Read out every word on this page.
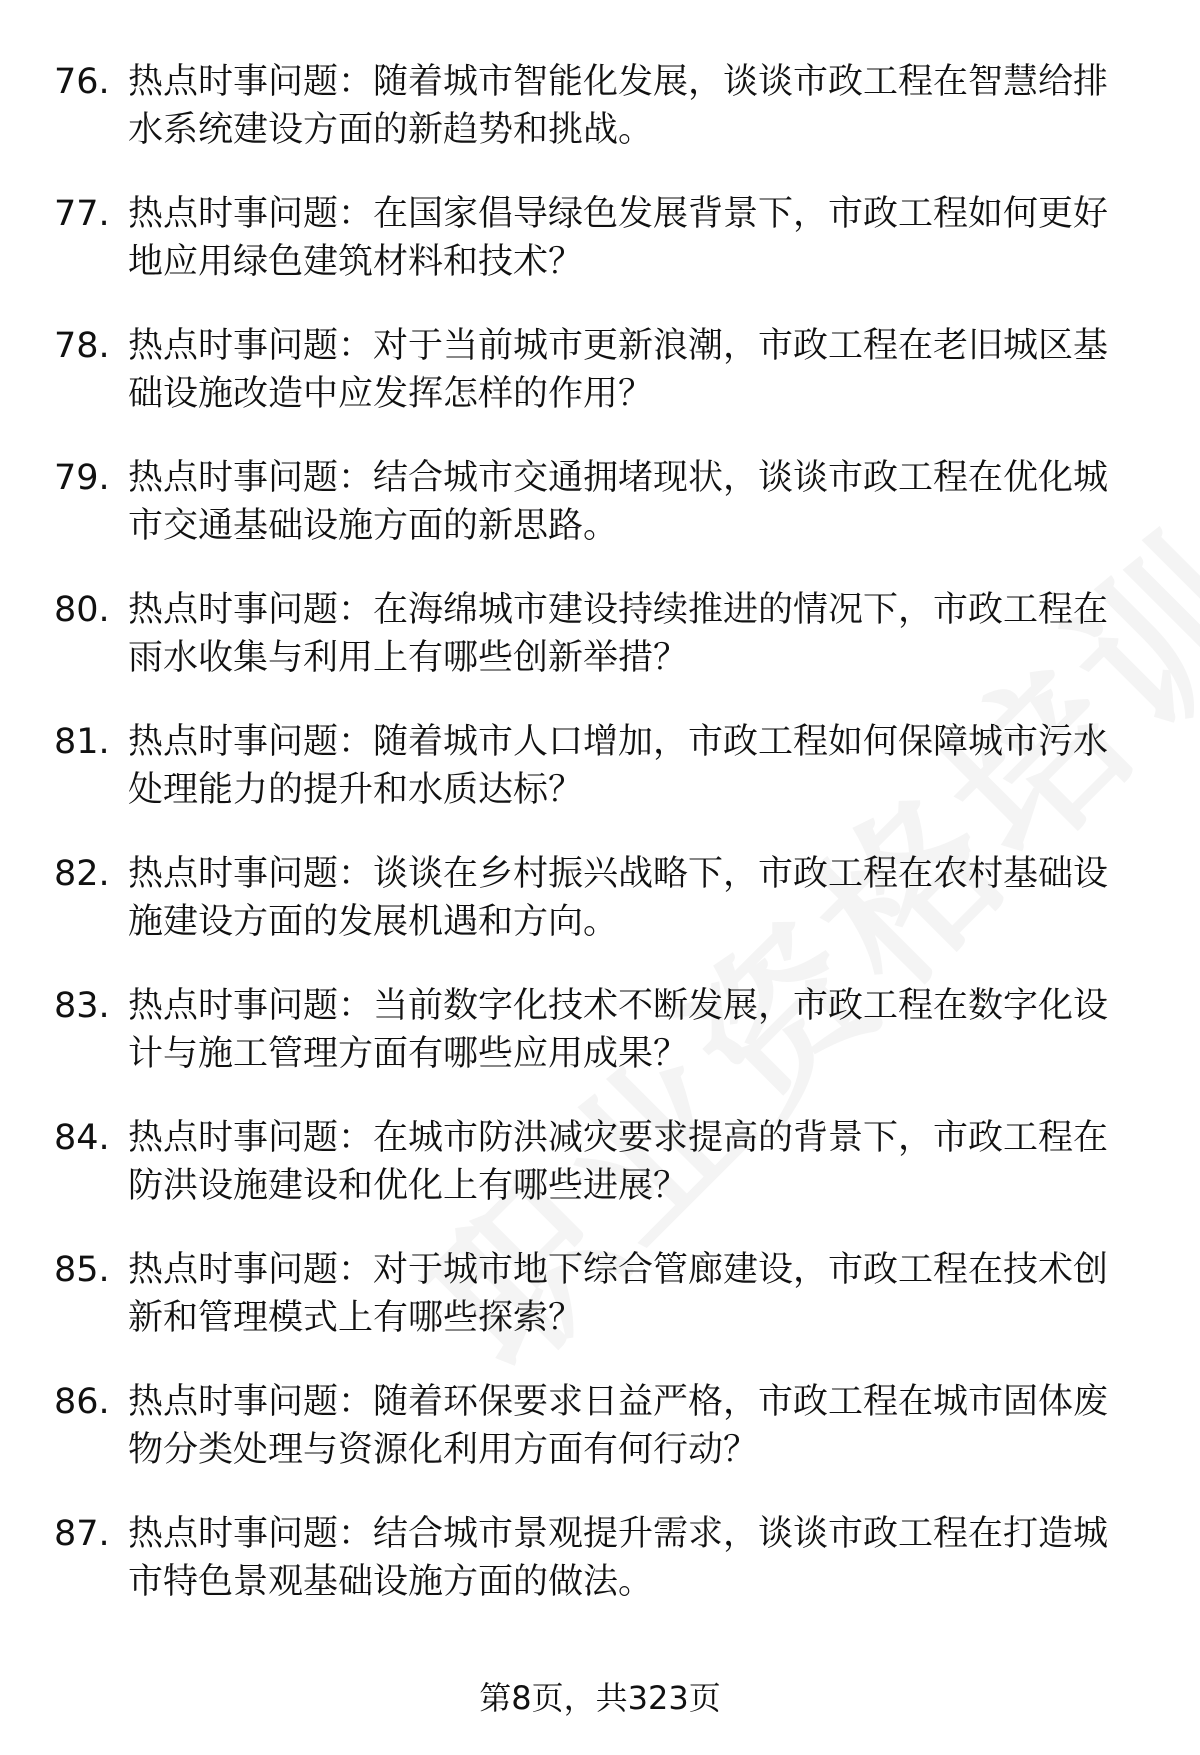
76. 热点时事问题：随着城市智能化发展，谈谈市政工程在智慧给排水系统建设方面的新趋势和挑战。
77. 热点时事问题：在国家倡导绿色发展背景下，市政工程如何更好地应用绿色建筑材料和技术？
78. 热点时事问题：对于当前城市更新浪潮，市政工程在老旧城区基础设施改造中应发挥怎样的作用？
79. 热点时事问题：结合城市交通拥堵现状，谈谈市政工程在优化城市交通基础设施方面的新思路。
80. 热点时事问题：在海绵城市建设持续推进的情况下，市政工程在雨水收集与利用上有哪些创新举措？
81. 热点时事问题：随着城市人口增加，市政工程如何保障城市污水处理能力的提升和水质达标？
82. 热点时事问题：谈谈在乡村振兴战略下，市政工程在农村基础设施建设方面的发展机遇和方向。
83. 热点时事问题：当前数字化技术不断发展，市政工程在数字化设计与施工管理方面有哪些应用成果？
84. 热点时事问题：在城市防洪减灾要求提高的背景下，市政工程在防洪设施建设和优化上有哪些进展？
85. 热点时事问题：对于城市地下综合管廊建设，市政工程在技术创新和管理模式上有哪些探索？
86. 热点时事问题：随着环保要求日益严格，市政工程在城市固体废物分类处理与资源化利用方面有何行动？
87. 热点时事问题：结合城市景观提升需求，谈谈市政工程在打造城市特色景观基础设施方面的做法。
第8页，共323页
